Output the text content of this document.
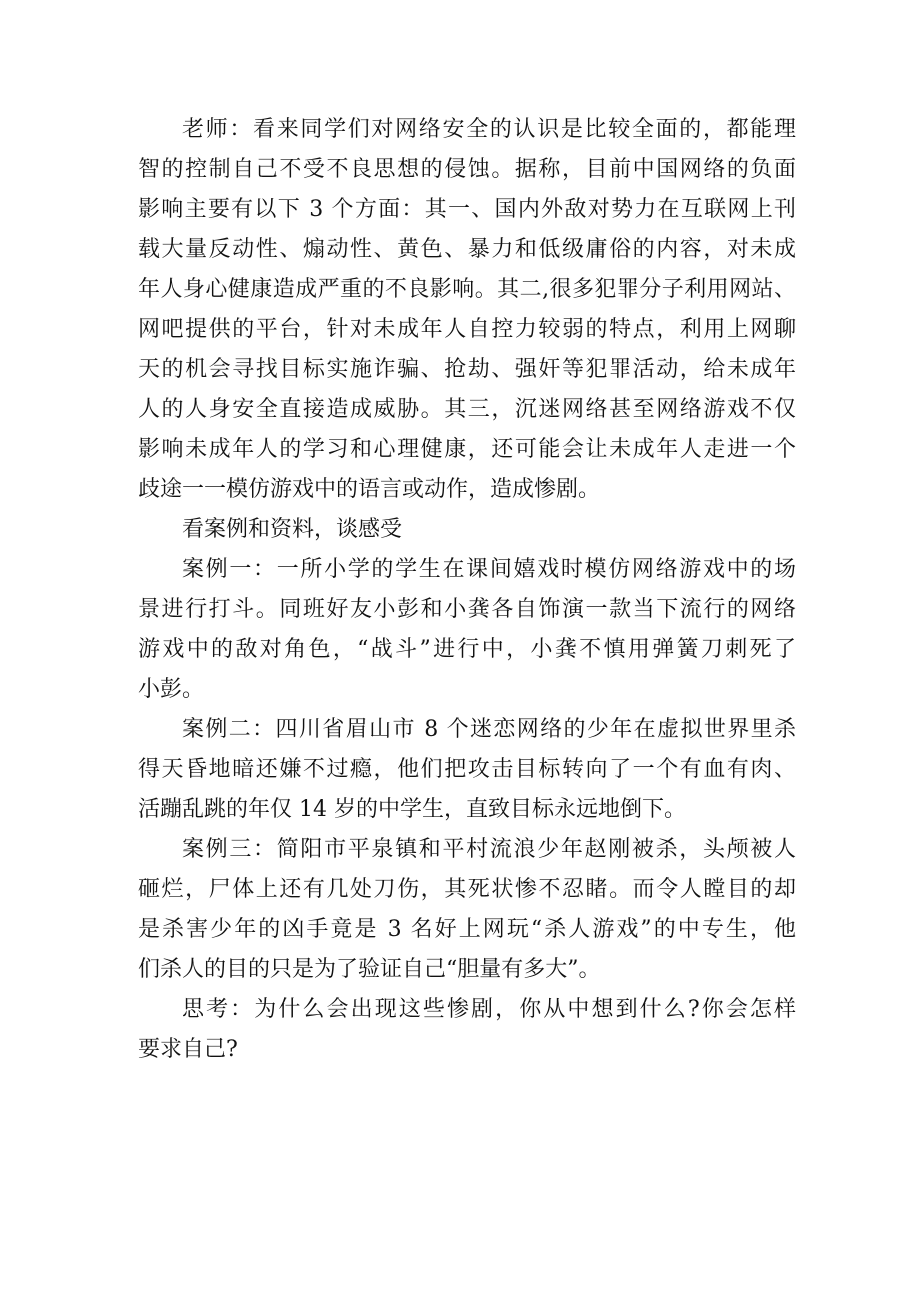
老师：看来同学们对网络安全的认识是比较全面的，都能理
智的控制自己不受不良思想的侵蚀。据称，目前中国网络的负面
影响主要有以下 3 个方面：其一、国内外敌对势力在互联网上刊
载大量反动性、煽动性、黄色、暴力和低级庸俗的内容，对未成
年人身心健康造成严重的不良影响。其二,很多犯罪分子利用网站、
网吧提供的平台，针对未成年人自控力较弱的特点，利用上网聊
天的机会寻找目标实施诈骗、抢劫、强奸等犯罪活动，给未成年
人的人身安全直接造成威胁。其三，沉迷网络甚至网络游戏不仅
影响未成年人的学习和心理健康，还可能会让未成年人走进一个
歧途一一模仿游戏中的语言或动作，造成惨剧。
看案例和资料，谈感受
案例一：一所小学的学生在课间嬉戏时模仿网络游戏中的场
景进行打斗。同班好友小彭和小龚各自饰演一款当下流行的网络
游戏中的敌对角色，“战斗”进行中，小龚不慎用弹簧刀刺死了
小彭。
案例二：四川省眉山市 8 个迷恋网络的少年在虚拟世界里杀
得天昏地暗还嫌不过瘾，他们把攻击目标转向了一个有血有肉、
活蹦乱跳的年仅 14 岁的中学生，直致目标永远地倒下。
案例三：简阳市平泉镇和平村流浪少年赵刚被杀，头颅被人
砸烂，尸体上还有几处刀伤，其死状惨不忍睹。而令人瞠目的却
是杀害少年的凶手竟是 3 名好上网玩“杀人游戏”的中专生，他
们杀人的目的只是为了验证自己“胆量有多大”。
思考：为什么会出现这些惨剧，你从中想到什么?你会怎样
要求自己?
